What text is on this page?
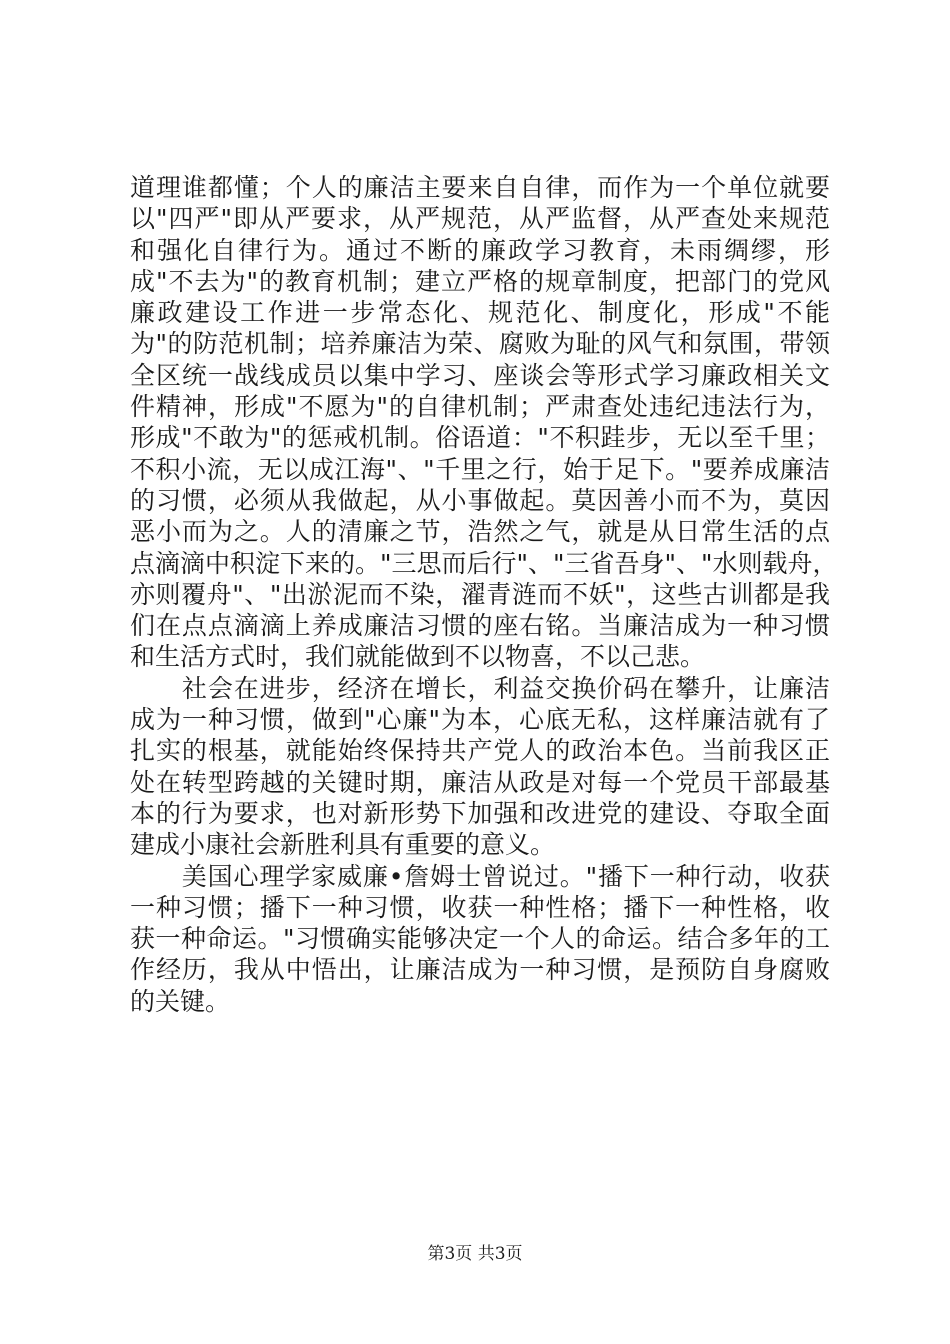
道理谁都懂；个人的廉洁主要来自自律，而作为一个单位就要
以"四严"即从严要求，从严规范，从严监督，从严查处来规范
和强化自律行为。通过不断的廉政学习教育，未雨绸缪，形
成"不去为"的教育机制；建立严格的规章制度，把部门的党风
廉政建设工作进一步常态化、规范化、制度化，形成"不能
为"的防范机制；培养廉洁为荣、腐败为耻的风气和氛围，带领
全区统一战线成员以集中学习、座谈会等形式学习廉政相关文
件精神，形成"不愿为"的自律机制；严肃查处违纪违法行为，
形成"不敢为"的惩戒机制。俗语道："不积跬步，无以至千里；
不积小流，无以成江海"、"千里之行，始于足下。"要养成廉洁
的习惯，必须从我做起，从小事做起。莫因善小而不为，莫因
恶小而为之。人的清廉之节，浩然之气，就是从日常生活的点
点滴滴中积淀下来的。"三思而后行"、"三省吾身"、"水则载舟，
亦则覆舟"、"出淤泥而不染，濯青涟而不妖"，这些古训都是我
们在点点滴滴上养成廉洁习惯的座右铭。当廉洁成为一种习惯
和生活方式时，我们就能做到不以物喜，不以己悲。
　　社会在进步，经济在增长，利益交换价码在攀升，让廉洁
成为一种习惯，做到"心廉"为本，心底无私，这样廉洁就有了
扎实的根基，就能始终保持共产党人的政治本色。当前我区正
处在转型跨越的关键时期，廉洁从政是对每一个党员干部最基
本的行为要求，也对新形势下加强和改进党的建设、夺取全面
建成小康社会新胜利具有重要的意义。
　　美国心理学家威廉•詹姆士曾说过。"播下一种行动，收获
一种习惯；播下一种习惯，收获一种性格；播下一种性格，收
获一种命运。"习惯确实能够决定一个人的命运。结合多年的工
作经历，我从中悟出，让廉洁成为一种习惯，是预防自身腐败
的关键。
第3页 共3页
